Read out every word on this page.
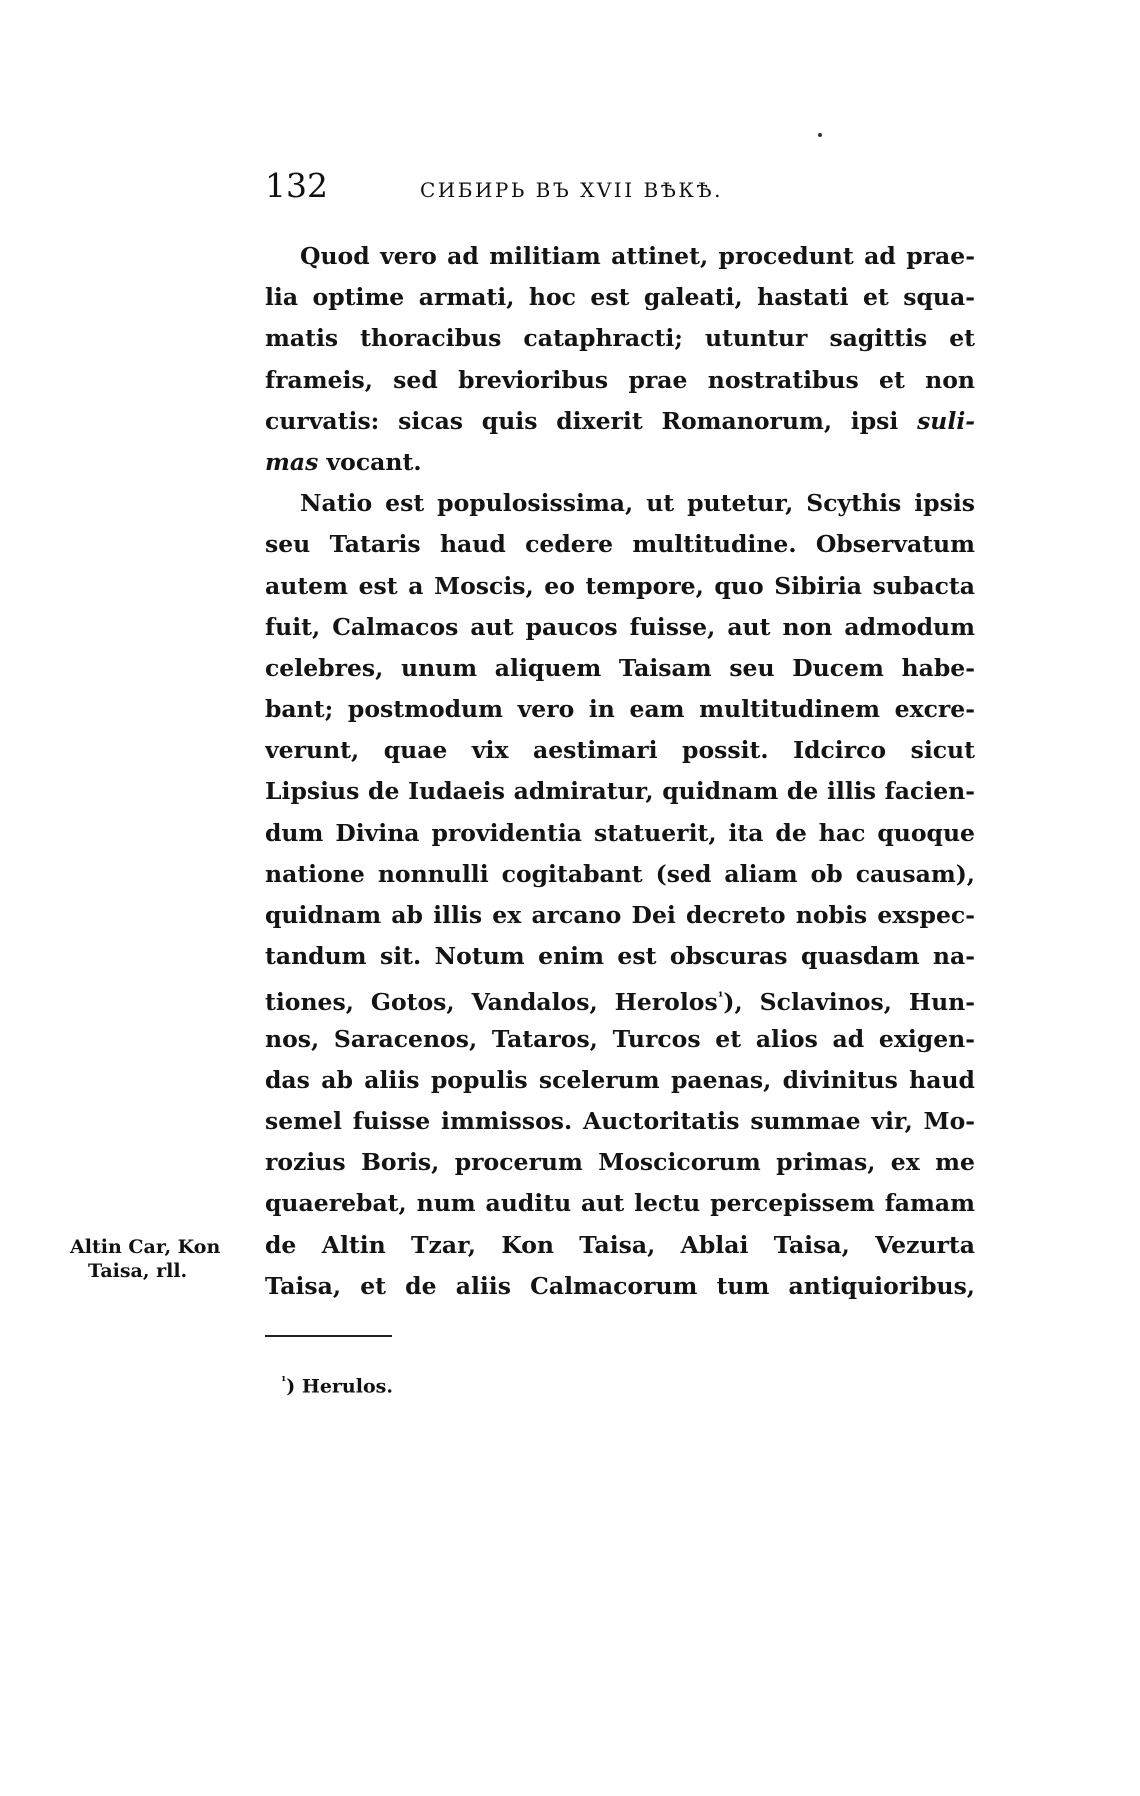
132	СИБИРЬ ВЪ XVII ВѢКѢ.
Quod vero ad militiam attinet, procedunt ad prae-
lia optime armati, hoc est galeati, hastati et squa-
matis thoracibus cataphracti; utuntur sagittis et
frameis, sed brevioribus prae nostratibus et non
curvatis: sicas quis dixerit Romanorum, ipsi suli-
mas vocant.
Natio est populosissima, ut putetur, Scythis ipsis
seu Tataris haud cedere multitudine. Observatum
autem est a Moscis, eo tempore, quo Sibiria subacta
fuit, Calmacos aut paucos fuisse, aut non admodum
celebres, unum aliquem Taisam seu Ducem habe-
bant; postmodum vero in eam multitudinem excre-
verunt, quae vix aestimari possit. Idcirco sicut
Lipsius de Iudaeis admiratur, quidnam de illis facien-
dum Divina providentia statuerit, ita de hac quoque
natione nonnulli cogitabant (sed aliam ob causam),
quidnam ab illis ex arcano Dei decreto nobis exspec-
tandum sit. Notum enim est obscuras quasdam na-
tiones, Gotos, Vandalos, Herolos$^{^1}$), Sclavinos, Hun-
nos, Saracenos, Tataros, Turcos et alios ad exigen-
das ab aliis populis scelerum paenas, divinitus haud
semel fuisse immissos. Auctoritatis summae vir, Mo-
rozius Boris, procerum Moscicorum primas, ex me
quaerebat, num auditu aut lectu percepissem famam
de Altin Tzar, Kon Taisa, Ablai Taisa, Vezurta
Taisa, et de aliis Calmacorum tum antiquioribus,
Altin Car, Kon
Taisa, rll.
$^{^1}$) Herulos.
